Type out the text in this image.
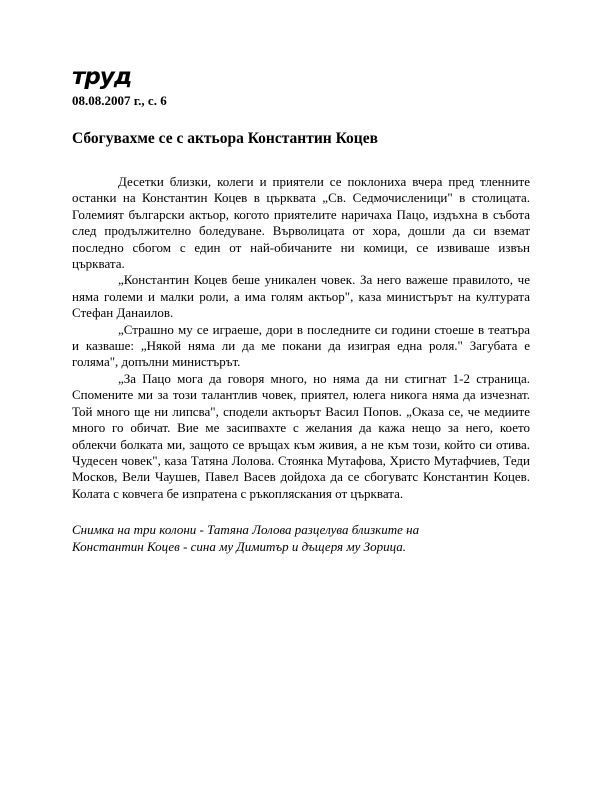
труд
08.08.2007 г., с. 6
Сбогувахме се с актьора Константин Коцев

Десетки близки, колеги и приятели се поклониха вчера пред тленните останки на Константин Коцев в църквата „Св. Седмочисленици" в столицата. Големият български актьор, когото приятелите наричаха Пацо, издъхна в събота след продължително боледуване. Върволицата от хора, дошли да си вземат последно сбогом с един от най-обичаните ни комици, се извиваше извън църквата.

„Константин Коцев беше уникален човек. За него важеше правилото, че няма големи и малки роли, а има голям актьор", каза министърът на културата Стефан Данаилов.

„Страшно му се играеше, дори в последните си години стоеше в театъра и казваше: „Някой няма ли да ме покани да изиграя една роля." Загубата е голяма", допълни министърът.

„За Пацо мога да говоря много, но няма да ни стигнат 1-2 страница. Спомените ми за този талантлив човек, приятел, юлега никога няма да изчезнат. Той много ще ни липсва", сподели актьорът Васил Попов. „Оказа се, че медиите много го обичат. Вие ме засипвахте с желания да кажа нещо за него, което облекчи болката ми, защото се връщах към живия, а не към този, който си отива. Чудесен човек", каза Татяна Лолова. Стоянка Мутафова, Христо Мутафчиев, Теди Москов, Вели Чаушев, Павел Васев дойдоха да се сбогуватс Константин Коцев. Колата с ковчега бе изпратена с ръкопляскания от църквата.

Снимка на три колони - Татяна Лолова разцелува близките на Константин Коцев - сина му Димитър и дъщеря му Зорица.
